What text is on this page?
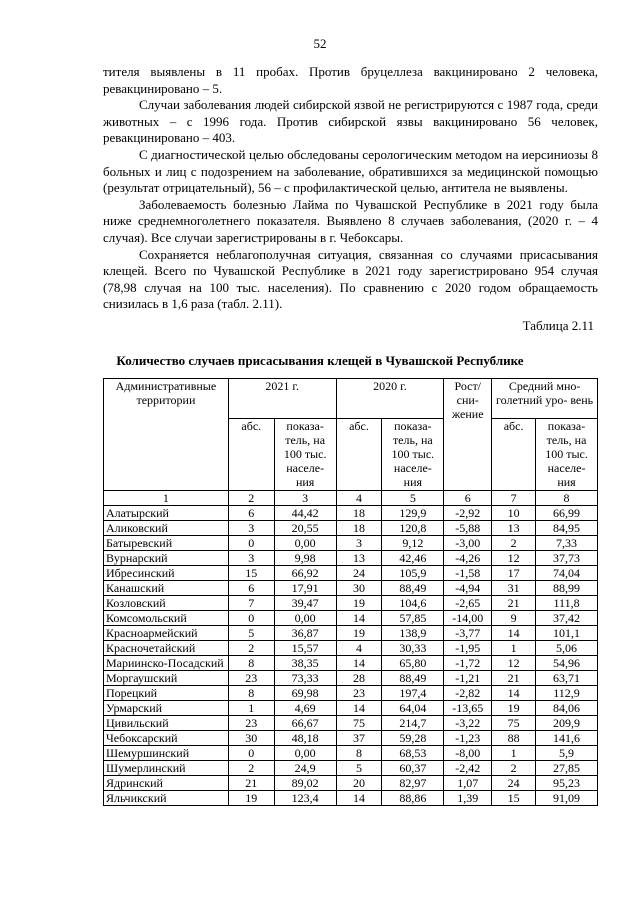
52

тителя выявлены в 11 пробах. Против бруцеллеза вакцинировано 2 человека, ревакцинировано – 5.

Случаи заболевания людей сибирской язвой не регистрируются с 1987 года, среди животных – с 1996 года. Против сибирской язвы вакцинировано 56 человек, ревакцинировано – 403.

С диагностической целью обследованы серологическим методом на иерсиниозы 8 больных и лиц с подозрением на заболевание, обратившихся за медицинской помощью (результат отрицательный), 56 – с профилактической целью, антитела не выявлены.

Заболеваемость болезнью Лайма по Чувашской Республике в 2021 году была ниже среднемноголетнего показателя. Выявлено 8 случаев заболевания, (2020 г. – 4 случая). Все случаи зарегистрированы в г. Чебоксары.

Сохраняется неблагополучная ситуация, связанная со случаями присасывания клещей. Всего по Чувашской Республике в 2021 году зарегистрировано 954 случая (78,98 случая на 100 тыс. населения). По сравнению с 2020 годом обращаемость снизилась в 1,6 раза (табл. 2.11).

Таблица 2.11
Количество случаев присасывания клещей в Чувашской Республике
Административные территории	2021 г.		2020 г.		Рост/ сни- жение	Средний мно- голетний уро- вень	
	абс.	показа- тель, на 100 тыс. населе- ния	абс.	показа- тель, на 100 тыс. населе- ния		абс.	показа- тель, на 100 тыс. населе- ния
1	2	3	4	5	6	7	8
Алатырский	6	44,42	18	129,9	-2,92	10	66,99
Аликовский	3	20,55	18	120,8	-5,88	13	84,95
Батыревский	0	0,00	3	9,12	-3,00	2	7,33
Вурнарский	3	9,98	13	42,46	-4,26	12	37,73
Ибресинский	15	66,92	24	105,9	-1,58	17	74,04
Канашский	6	17,91	30	88,49	-4,94	31	88,99
Козловский	7	39,47	19	104,6	-2,65	21	111,8
Комсомольский	0	0,00	14	57,85	-14,00	9	37,42
Красноармейский	5	36,87	19	138,9	-3,77	14	101,1
Красночетайский	2	15,57	4	30,33	-1,95	1	5,06
Мариинско-Посадский	8	38,35	14	65,80	-1,72	12	54,96
Моргаушский	23	73,33	28	88,49	-1,21	21	63,71
Порецкий	8	69,98	23	197,4	-2,82	14	112,9
Урмарский	1	4,69	14	64,04	-13,65	19	84,06
Цивильский	23	66,67	75	214,7	-3,22	75	209,9
Чебоксарский	30	48,18	37	59,28	-1,23	88	141,6
Шемуршинский	0	0,00	8	68,53	-8,00	1	5,9
Шумерлинский	2	24,9	5	60,37	-2,42	2	27,85
Ядринский	21	89,02	20	82,97	1,07	24	95,23
Яльчикский	19	123,4	14	88,86	1,39	15	91,09
